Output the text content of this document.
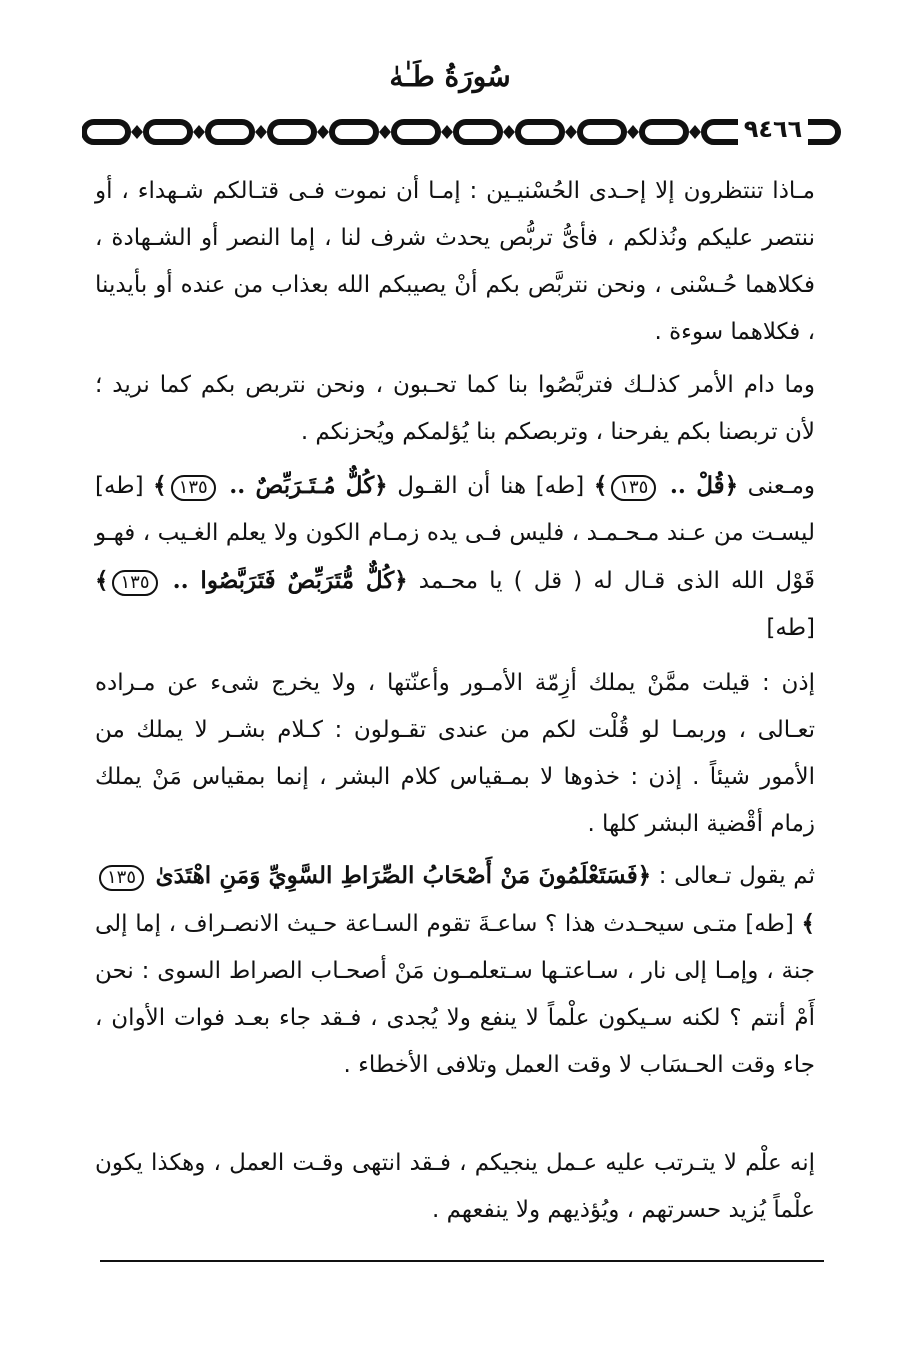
سُورَةُ طَـٰهٰ
٩٤٦٦

مـاذا تنتظرون إلا إحـدى الحُسْنيـين : إمـا أن نموت فـى قتـالكم شـهداء ، أو ننتصر عليكم ونُذلكم ، فأىُّ تربُّص يحدث شرف لنا ، إما النصر أو الشـهادة ، فكلاهما حُـسْنى ، ونحن نتربَّص بكم أنْ يصيبكم الله بعذاب من عنده أو بأيدينا ، فكلاهما سوءة .

وما دام الأمر كذلـك فتربَّصُوا بنا كما تحـبون ، ونحن نتربص بكم كما نريد ؛ لأن تربصنا بكم يفرحنا ، وتربصكم بنا يُؤلمكم ويُحزنكم .

ومـعنى ﴿قُلْ .. ١٣٥﴾ [طه] هنا أن القـول ﴿كُلٌّ مُـتَـرَبِّصٌ .. ١٣٥﴾ [طه] ليسـت من عـند مـحـمـد ، فليس فـى يده زمـام الكون ولا يعلم الغـيب ، فهـو قَوْل الله الذى قـال له ( قل ) يا محـمد ﴿كُلٌّ مُّتَرَبِّصٌ فَتَرَبَّصُوا .. ١٣٥﴾ [طه]

إذن : قيلت ممَّنْ يملك أزِمّة الأمـور وأعنّتها ، ولا يخرج شىء عن مـراده تعـالى ، وربمـا لو قُلْت لكم من عندى تقـولون : كـلام بشـر لا يملك من الأمور شيئاً . إذن : خذوها لا بمـقياس كلام البشر ، إنما بمقياس مَنْ يملك زمام أقْضية البشر كلها .

ثم يقول تـعالى : ﴿فَسَتَعْلَمُونَ مَنْ أَصْحَابُ الصِّرَاطِ السَّوِيِّ وَمَنِ اهْتَدَىٰ ١٣٥﴾ [طه] متـى سيحـدث هذا ؟ ساعـةَ تقوم السـاعة حـيث الانصـراف ، إما إلى جنة ، وإمـا إلى نار ، سـاعتـها سـتعلمـون مَنْ أصحـاب الصراط السوى : نحن أَمْ أنتم ؟ لكنه سـيكون علْماً لا ينفع ولا يُجدى ، فـقد جاء بعـد فوات الأوان ، جاء وقت الحـسَاب لا وقت العمل وتلافى الأخطاء .

إنه علْم لا يتـرتب عليه عـمل ينجيكم ، فـقد انتهى وقـت العمل ، وهكذا يكون علْماً يُزيد حسرتهم ، ويُؤذيهم ولا ينفعهم .
